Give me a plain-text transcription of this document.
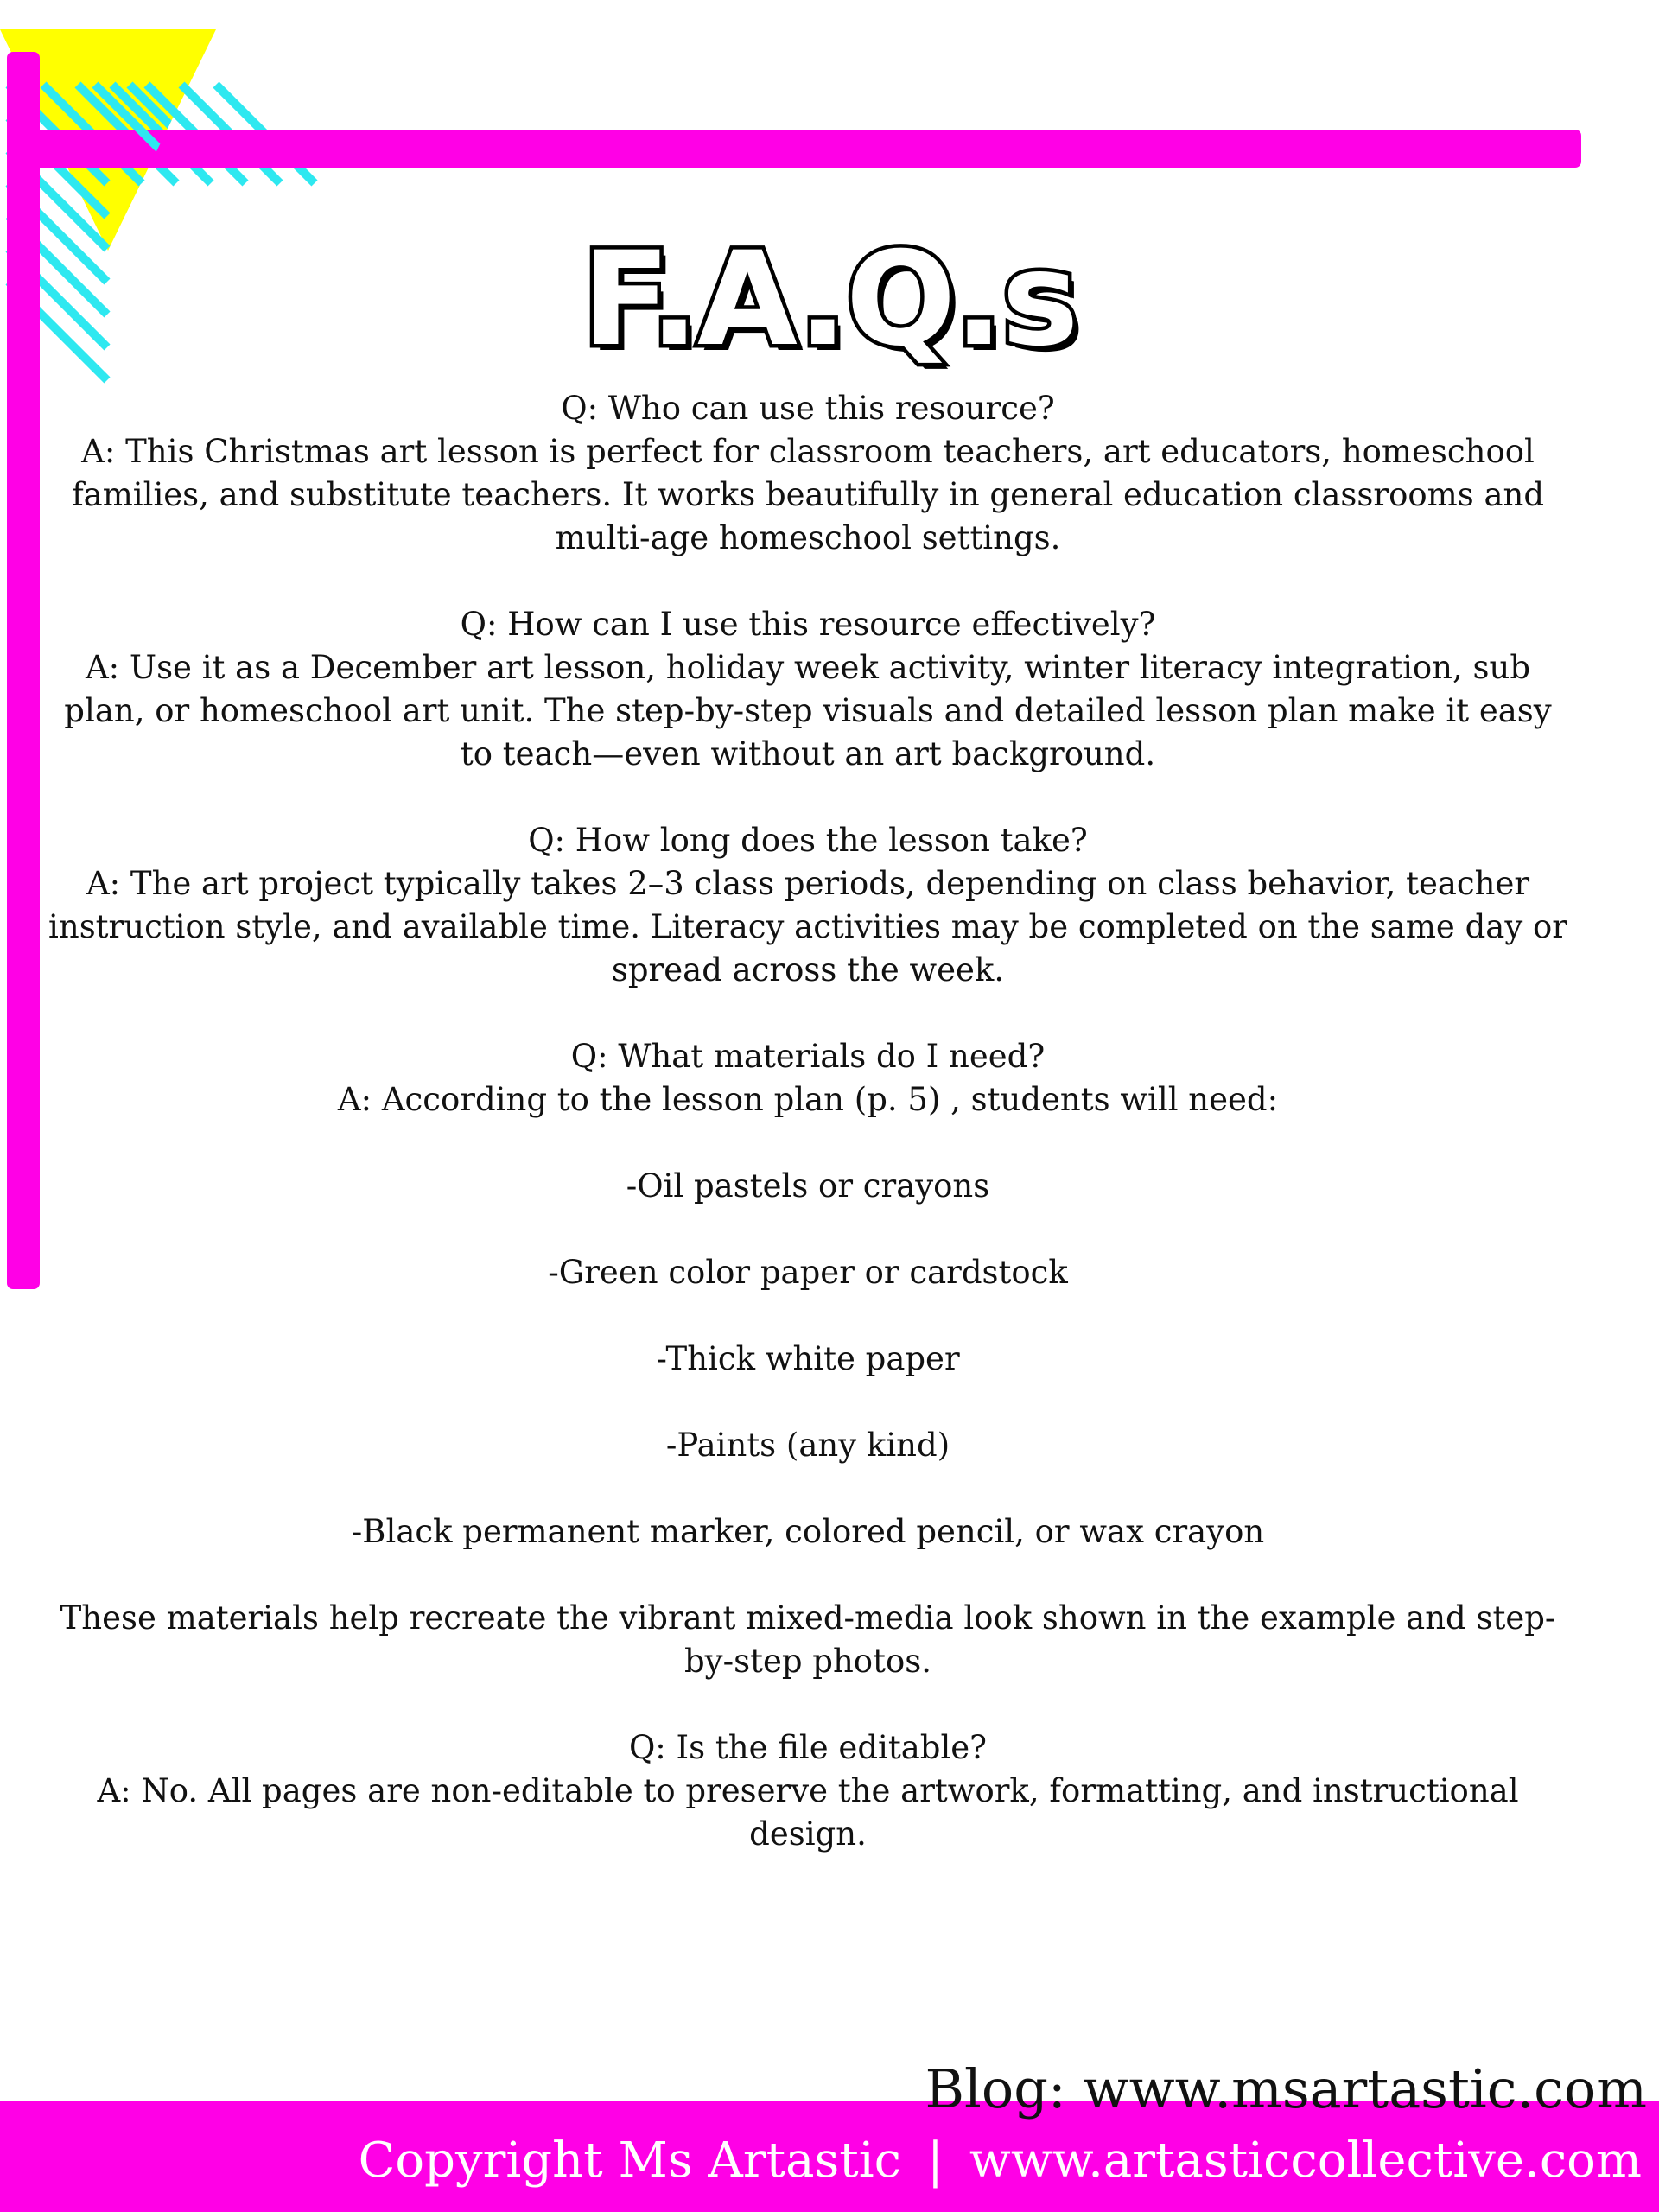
F.A.Q.s

Q: Who can use this resource?

A: This Christmas art lesson is perfect for classroom teachers, art educators, homeschool families, and substitute teachers. It works beautifully in general education classrooms and multi-age homeschool settings.

Q: How can I use this resource effectively?

A: Use it as a December art lesson, holiday week activity, winter literacy integration, sub plan, or homeschool art unit. The step-by-step visuals and detailed lesson plan make it easy to teach—even without an art background.

Q: How long does the lesson take?

A: The art project typically takes 2–3 class periods, depending on class behavior, teacher instruction style, and available time. Literacy activities may be completed on the same day or spread across the week.

Q: What materials do I need?

A: According to the lesson plan (p. 5) , students will need:

-Oil pastels or crayons

-Green color paper or cardstock

-Thick white paper

-Paints (any kind)

-Black permanent marker, colored pencil, or wax crayon

These materials help recreate the vibrant mixed-media look shown in the example and step-by-step photos.

Q: Is the file editable?

A: No. All pages are non-editable to preserve the artwork, formatting, and instructional design.

Blog: www.msartastic.com
Copyright Ms Artastic | www.artasticcollective.com
